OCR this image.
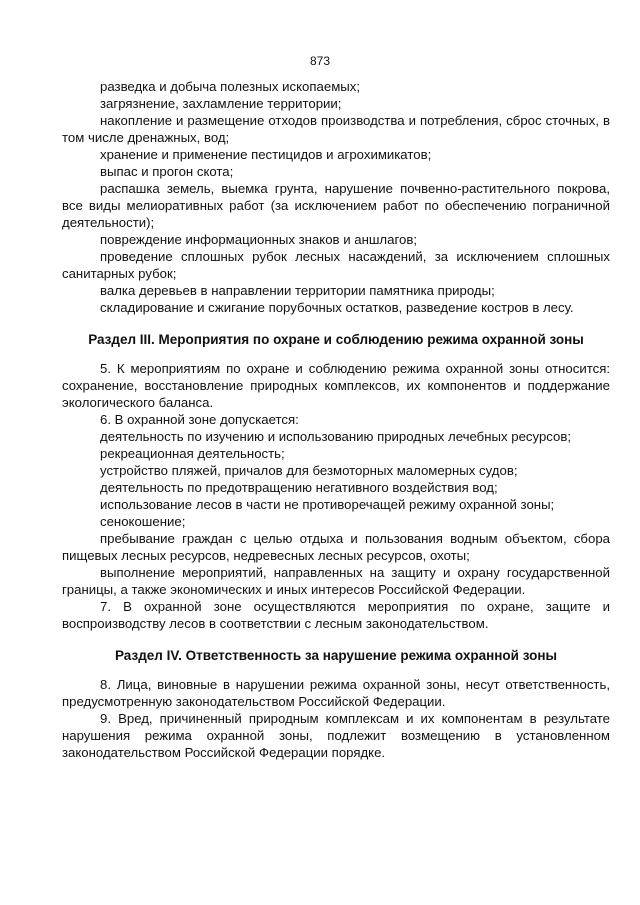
873

разведка и добыча полезных ископаемых;

загрязнение, захламление территории;

накопление и размещение отходов производства и потребления, сброс сточных, в том числе дренажных, вод;

хранение и применение пестицидов и агрохимикатов;

выпас и прогон скота;

распашка земель, выемка грунта, нарушение почвенно-растительного покрова, все виды мелиоративных работ (за исключением работ по обеспечению пограничной деятельности);

повреждение информационных знаков и аншлагов;

проведение сплошных рубок лесных насаждений, за исключением сплошных санитарных рубок;

валка деревьев в направлении территории памятника природы;

складирование и сжигание порубочных остатков, разведение костров в лесу.

Раздел III. Мероприятия по охране и соблюдению режима охранной зоны

5. К мероприятиям по охране и соблюдению режима охранной зоны относится: сохранение, восстановление природных комплексов, их компонентов и поддержание экологического баланса.

6. В охранной зоне допускается:

деятельность по изучению и использованию природных лечебных ресурсов;

рекреационная деятельность;

устройство пляжей, причалов для безмоторных маломерных судов;

деятельность по предотвращению негативного воздействия вод;

использование лесов в части не противоречащей режиму охранной зоны;

сенокошение;

пребывание граждан с целью отдыха и пользования водным объектом, сбора пищевых лесных ресурсов, недревесных лесных ресурсов, охоты;

выполнение мероприятий, направленных на защиту и охрану государственной границы, а также экономических и иных интересов Российской Федерации.

7. В охранной зоне осуществляются мероприятия по охране, защите и воспроизводству лесов в соответствии с лесным законодательством.

Раздел IV. Ответственность за нарушение режима охранной зоны

8. Лица, виновные в нарушении режима охранной зоны, несут ответственность, предусмотренную законодательством Российской Федерации.

9. Вред, причиненный природным комплексам и их компонентам в результате нарушения режима охранной зоны, подлежит возмещению в установленном законодательством Российской Федерации порядке.
